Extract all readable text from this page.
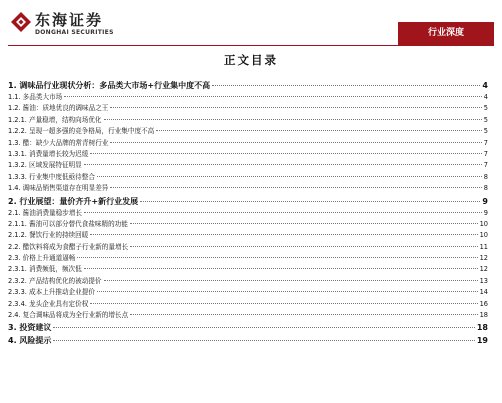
东海证券
DONGHAI SECURITIES	行业深度
正文目录
1. 调味品行业现状分析：多品类大市场+行业集中度不高	4
1.1. 多品类大市场	4
1.2. 酱油：质地优良的调味品之王	5
1.2.1. 产量稳增，结构向场优化	5
1.2.2. 呈现一超多强的竞争格局，行业集中度不高	5
1.3. 醋：缺少大品牌的常青树行业	7
1.3.1. 消费量增长较为迟缓	7
1.3.2. 区域发展特征明显	7
1.3.3. 行业集中度低亟待整合	8
1.4. 调味品销售渠道存在明显差异	8
2. 行业展望：量价齐升+新行业发展	9
2.1. 酱油消费量稳步增长	9
2.1.1. 酱油可以部分替代食盐味精的功能	10
2.1.2. 餐饮行业的持续回暖	10
2.2. 醋饮料将成为食醋子行业新的量增长	11
2.3. 价格上升通道逼畅	12
2.3.1. 消费频低，频次低	12
2.3.2. 产品结构优化的被动提价	13
2.3.3. 成本上升推动企业提价	14
2.3.4. 龙头企业具有定价权	16
2.4. 复合调味品将成为全行业新的增长点	18
3. 投资建议	18
4. 风险提示	19
